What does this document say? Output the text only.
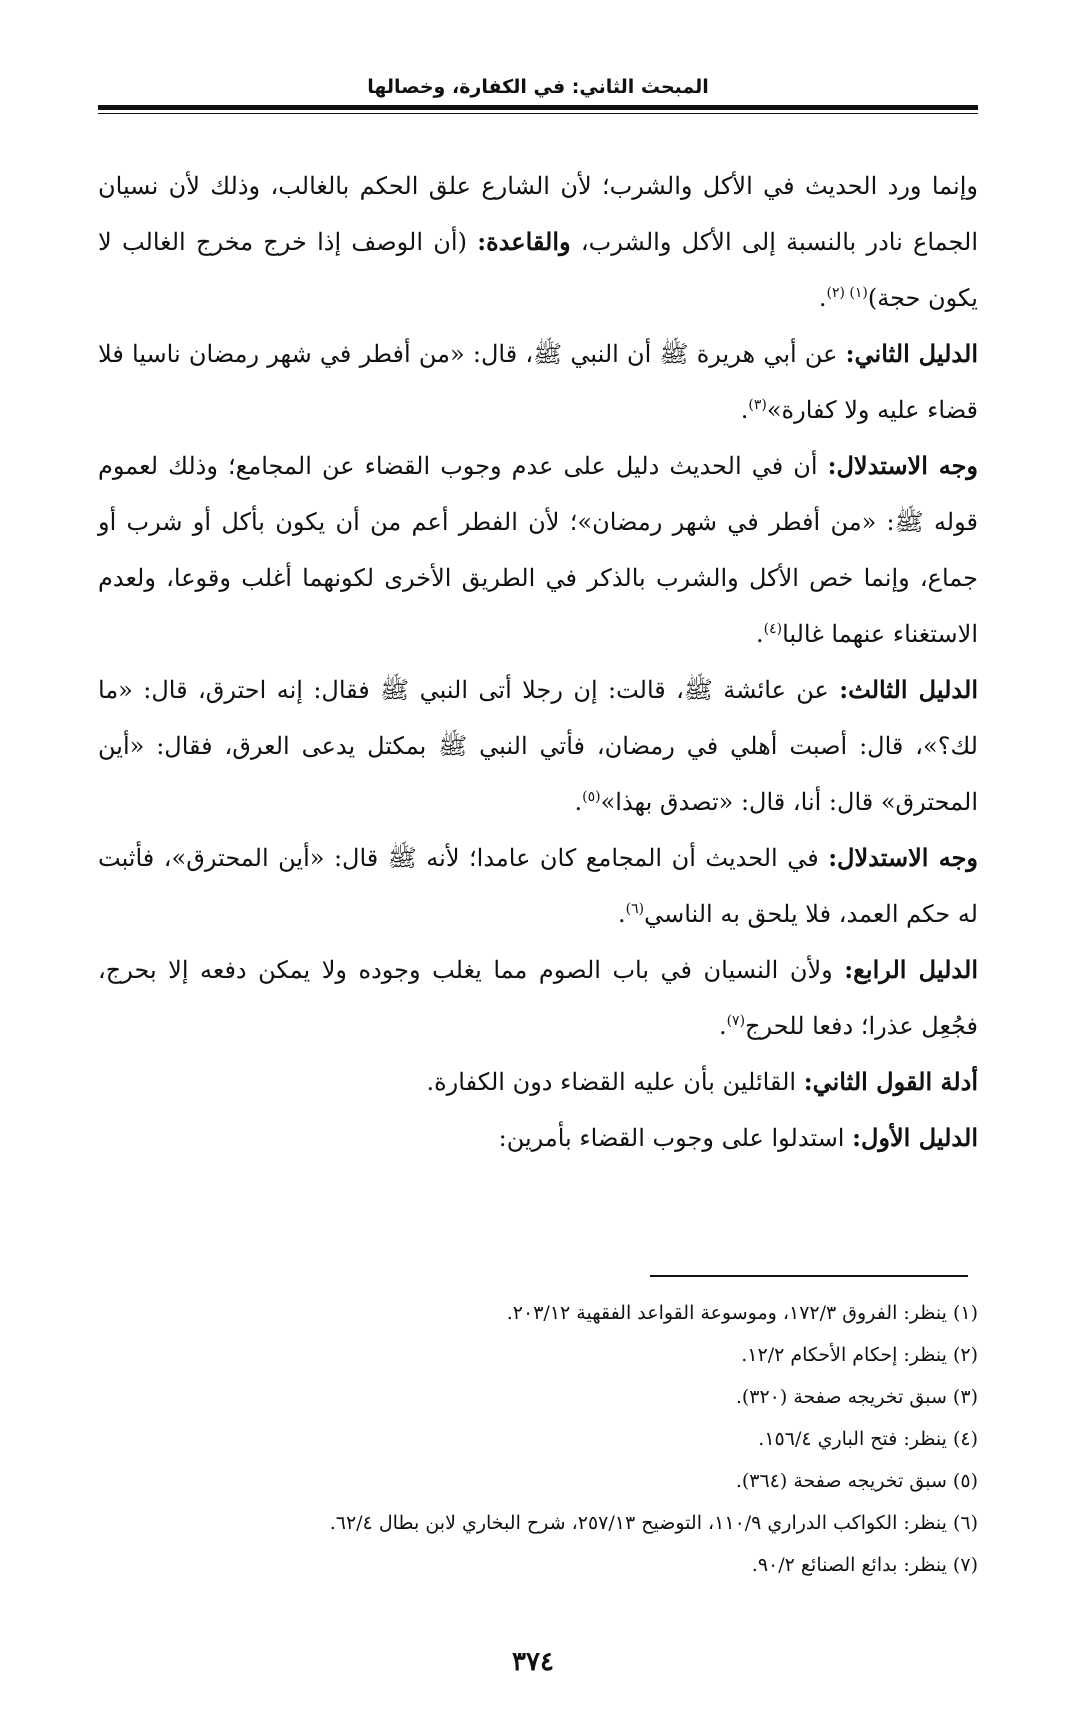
المبحث الثاني: في الكفارة، وخصالها

وإنما ورد الحديث في الأكل والشرب؛ لأن الشارع علق الحكم بالغالب، وذلك لأن نسيان الجماع نادر بالنسبة إلى الأكل والشرب، والقاعدة: (أن الوصف إذا خرج مخرج الغالب لا يكون حجة)$^{(١) (٢)}$.

الدليل الثاني: عن أبي هريرة ﷺ أن النبي ﷺ، قال: «من أفطر في شهر رمضان ناسيا فلا قضاء عليه ولا كفارة»$^{(٣)}$.

وجه الاستدلال: أن في الحديث دليل على عدم وجوب القضاء عن المجامع؛ وذلك لعموم قوله ﷺ: «من أفطر في شهر رمضان»؛ لأن الفطر أعم من أن يكون بأكل أو شرب أو جماع، وإنما خص الأكل والشرب بالذكر في الطريق الأخرى لكونهما أغلب وقوعا، ولعدم الاستغناء عنهما غالبا$^{(٤)}$.

الدليل الثالث: عن عائشة ﷺ، قالت: إن رجلا أتى النبي ﷺ فقال: إنه احترق، قال: «ما لك؟»، قال: أصبت أهلي في رمضان، فأتي النبي ﷺ بمكتل يدعى العرق، فقال: «أين المحترق» قال: أنا، قال: «تصدق بهذا»$^{(٥)}$.

وجه الاستدلال: في الحديث أن المجامع كان عامدا؛ لأنه ﷺ قال: «أين المحترق»، فأثبت له حكم العمد، فلا يلحق به الناسي$^{(٦)}$.

الدليل الرابع: ولأن النسيان في باب الصوم مما يغلب وجوده ولا يمكن دفعه إلا بحرج، فجُعِل عذرا؛ دفعا للحرج$^{(٧)}$.

أدلة القول الثاني: القائلين بأن عليه القضاء دون الكفارة.

الدليل الأول: استدلوا على وجوب القضاء بأمرين:

(١) ينظر: الفروق ١٧٢/٣، وموسوعة القواعد الفقهية ٢٠٣/١٢.

(٢) ينظر: إحكام الأحكام ١٢/٢.

(٣) سبق تخريجه صفحة (٣٢٠).

(٤) ينظر: فتح الباري ١٥٦/٤.

(٥) سبق تخريجه صفحة (٣٦٤).

(٦) ينظر: الكواكب الدراري ١١٠/٩، التوضيح ٢٥٧/١٣، شرح البخاري لابن بطال ٦٢/٤.

(٧) ينظر: بدائع الصنائع ٩٠/٢.

٣٧٤
